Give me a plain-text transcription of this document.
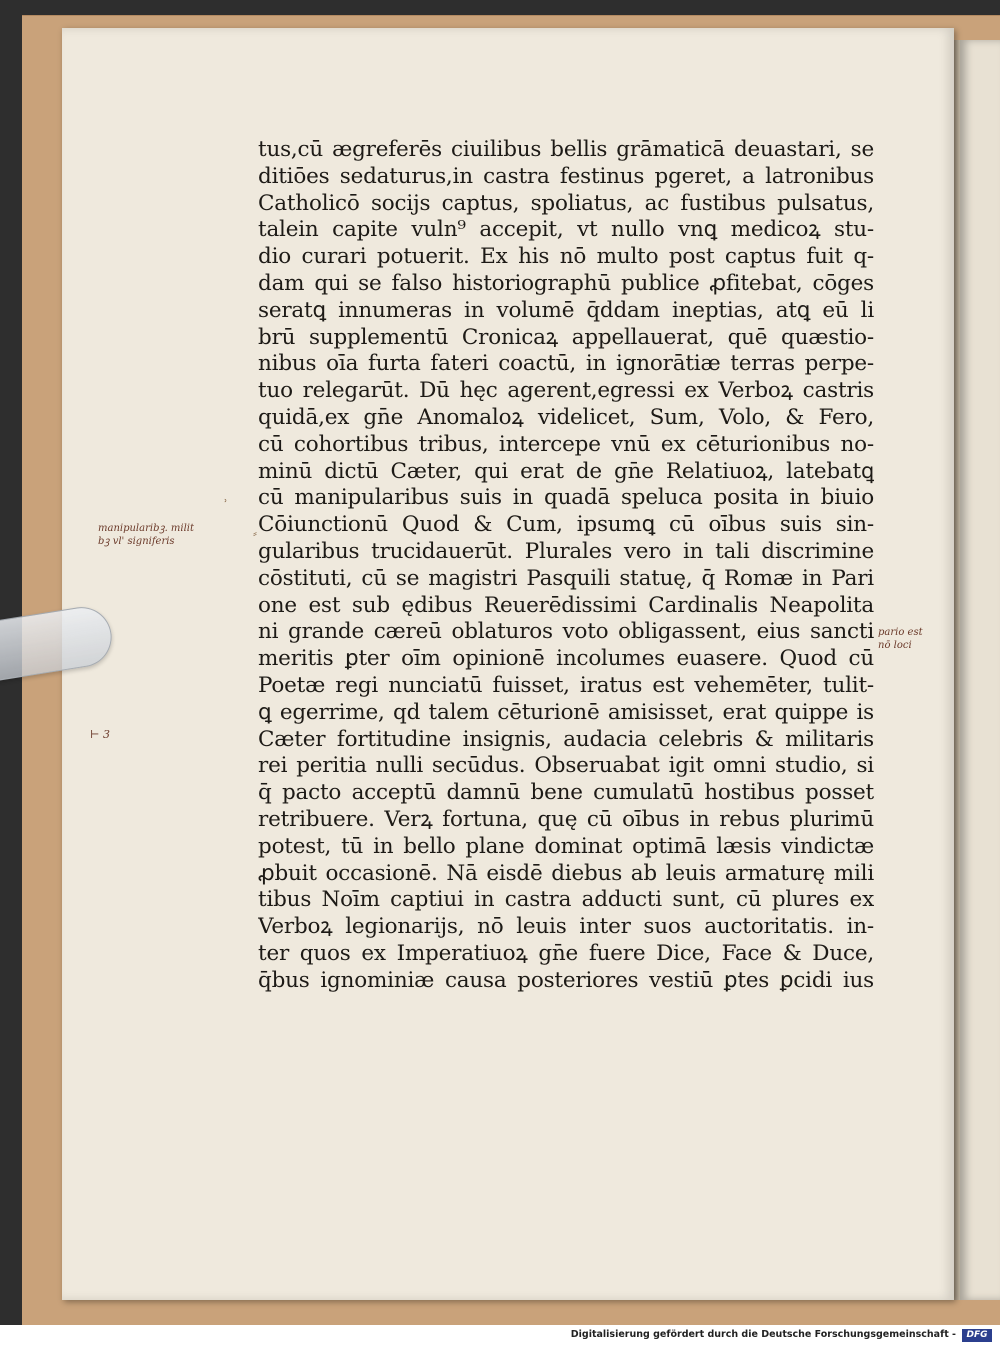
tus,cū ægreferēs ciuilibus bellis grāmaticā deuastari, se
ditiōes sedaturus,in castra festinus pgeret, a latronibus
Catholicō socijs captus, spoliatus, ac fustibus pulsatus,
talein capite vuln⁹ accepit, vt nullo vnꝗ medicoꝝ stu-
dio curari potuerit. Ex his nō multo post captus fuit q-
dam qui se falso historiographū publice ꝓfitebat, cōges
seratꝗ innumeras in volumē q̄ddam ineptias, atꝗ eū li
brū supplementū Cronicaꝝ appellauerat, quē quæstio-
nibus oīa furta fateri coactū, in ignorātiæ terras perpe-
tuo relegarūt. Dū hęc agerent,egressi ex Verboꝝ castris
quidā,ex gn̄e Anomaloꝝ videlicet, Sum, Volo, & Fero,
cū cohortibus tribus, intercepe vnū ex cēturionibus no-
minū dictū Cæter, qui erat de gn̄e Relatiuoꝝ, latebatꝗ
cū manipularibus suis in quadā speluca posita in biuio
Cōiunctionū Quod & Cum, ipsumꝗ cū oībus suis sin-
gularibus trucidauerūt. Plurales vero in tali discrimine
cōstituti, cū se magistri Pasquili statuę, q̄ Romæ in Pari
one est sub ędibus Reuerēdissimi Cardinalis Neapolita
ni grande cæreū oblaturos voto obligassent, eius sancti
meritis ꝑter oīm opinionē incolumes euasere. Quod cū
Poetæ regi nunciatū fuisset, iratus est vehemēter, tulit-
ꝗ egerrime, qd̄ talem cēturionē amisisset, erat quippe is
Cæter fortitudine insignis, audacia celebris & militaris
rei peritia nulli secūdus. Obseruabat igit̄ omni studio, si
q̄ pacto acceptū damnū bene cumulatū hostibus posset
retribuere. Verꝝ fortuna, quę cū oībus in rebus plurimū
potest, tū in bello plane dominat̄ optimā læsis vindictæ
ꝓbuit occasionē. Nā eisdē diebus ab leuis armaturę mili
tibus Noīm captiui in castra adducti sunt, cū plures ex
Verboꝝ legionarijs, nō leuis inter suos auctoritatis. in-
ter quos ex Imperatiuoꝝ gn̄e fuere Dice, Face & Duce,
q̄bus ignominiæ causa posteriores vestiū ꝑtes ꝑcidi ius
manipularibꝫ. milit
bꝫ vl' signiferis
pario est
nō loci
⊢ 3
˒
⸗
Digitalisierung gefördert durch die Deutsche Forschungsgemeinschaft -	DFG
